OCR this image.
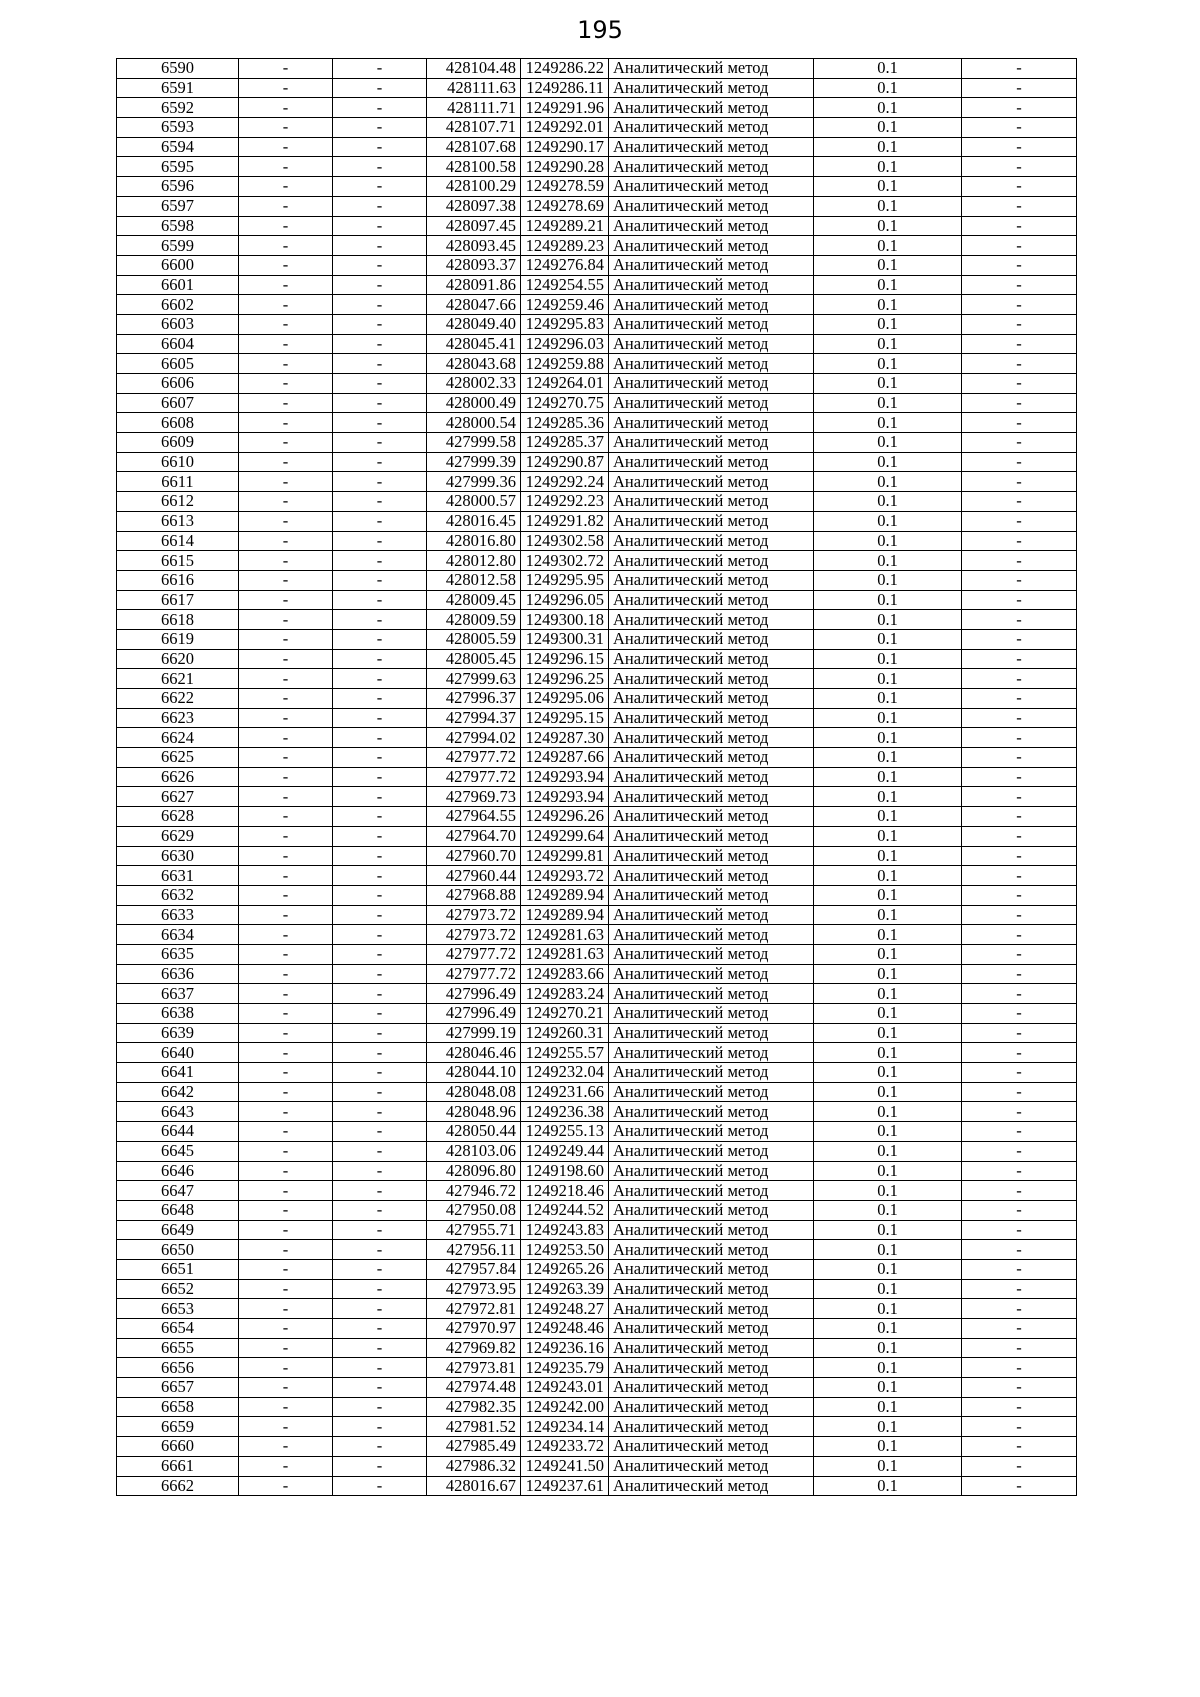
195
6590	-	-	428104.48	1249286.22	Аналитический метод	0.1	-
6591	-	-	428111.63	1249286.11	Аналитический метод	0.1	-
6592	-	-	428111.71	1249291.96	Аналитический метод	0.1	-
6593	-	-	428107.71	1249292.01	Аналитический метод	0.1	-
6594	-	-	428107.68	1249290.17	Аналитический метод	0.1	-
6595	-	-	428100.58	1249290.28	Аналитический метод	0.1	-
6596	-	-	428100.29	1249278.59	Аналитический метод	0.1	-
6597	-	-	428097.38	1249278.69	Аналитический метод	0.1	-
6598	-	-	428097.45	1249289.21	Аналитический метод	0.1	-
6599	-	-	428093.45	1249289.23	Аналитический метод	0.1	-
6600	-	-	428093.37	1249276.84	Аналитический метод	0.1	-
6601	-	-	428091.86	1249254.55	Аналитический метод	0.1	-
6602	-	-	428047.66	1249259.46	Аналитический метод	0.1	-
6603	-	-	428049.40	1249295.83	Аналитический метод	0.1	-
6604	-	-	428045.41	1249296.03	Аналитический метод	0.1	-
6605	-	-	428043.68	1249259.88	Аналитический метод	0.1	-
6606	-	-	428002.33	1249264.01	Аналитический метод	0.1	-
6607	-	-	428000.49	1249270.75	Аналитический метод	0.1	-
6608	-	-	428000.54	1249285.36	Аналитический метод	0.1	-
6609	-	-	427999.58	1249285.37	Аналитический метод	0.1	-
6610	-	-	427999.39	1249290.87	Аналитический метод	0.1	-
6611	-	-	427999.36	1249292.24	Аналитический метод	0.1	-
6612	-	-	428000.57	1249292.23	Аналитический метод	0.1	-
6613	-	-	428016.45	1249291.82	Аналитический метод	0.1	-
6614	-	-	428016.80	1249302.58	Аналитический метод	0.1	-
6615	-	-	428012.80	1249302.72	Аналитический метод	0.1	-
6616	-	-	428012.58	1249295.95	Аналитический метод	0.1	-
6617	-	-	428009.45	1249296.05	Аналитический метод	0.1	-
6618	-	-	428009.59	1249300.18	Аналитический метод	0.1	-
6619	-	-	428005.59	1249300.31	Аналитический метод	0.1	-
6620	-	-	428005.45	1249296.15	Аналитический метод	0.1	-
6621	-	-	427999.63	1249296.25	Аналитический метод	0.1	-
6622	-	-	427996.37	1249295.06	Аналитический метод	0.1	-
6623	-	-	427994.37	1249295.15	Аналитический метод	0.1	-
6624	-	-	427994.02	1249287.30	Аналитический метод	0.1	-
6625	-	-	427977.72	1249287.66	Аналитический метод	0.1	-
6626	-	-	427977.72	1249293.94	Аналитический метод	0.1	-
6627	-	-	427969.73	1249293.94	Аналитический метод	0.1	-
6628	-	-	427964.55	1249296.26	Аналитический метод	0.1	-
6629	-	-	427964.70	1249299.64	Аналитический метод	0.1	-
6630	-	-	427960.70	1249299.81	Аналитический метод	0.1	-
6631	-	-	427960.44	1249293.72	Аналитический метод	0.1	-
6632	-	-	427968.88	1249289.94	Аналитический метод	0.1	-
6633	-	-	427973.72	1249289.94	Аналитический метод	0.1	-
6634	-	-	427973.72	1249281.63	Аналитический метод	0.1	-
6635	-	-	427977.72	1249281.63	Аналитический метод	0.1	-
6636	-	-	427977.72	1249283.66	Аналитический метод	0.1	-
6637	-	-	427996.49	1249283.24	Аналитический метод	0.1	-
6638	-	-	427996.49	1249270.21	Аналитический метод	0.1	-
6639	-	-	427999.19	1249260.31	Аналитический метод	0.1	-
6640	-	-	428046.46	1249255.57	Аналитический метод	0.1	-
6641	-	-	428044.10	1249232.04	Аналитический метод	0.1	-
6642	-	-	428048.08	1249231.66	Аналитический метод	0.1	-
6643	-	-	428048.96	1249236.38	Аналитический метод	0.1	-
6644	-	-	428050.44	1249255.13	Аналитический метод	0.1	-
6645	-	-	428103.06	1249249.44	Аналитический метод	0.1	-
6646	-	-	428096.80	1249198.60	Аналитический метод	0.1	-
6647	-	-	427946.72	1249218.46	Аналитический метод	0.1	-
6648	-	-	427950.08	1249244.52	Аналитический метод	0.1	-
6649	-	-	427955.71	1249243.83	Аналитический метод	0.1	-
6650	-	-	427956.11	1249253.50	Аналитический метод	0.1	-
6651	-	-	427957.84	1249265.26	Аналитический метод	0.1	-
6652	-	-	427973.95	1249263.39	Аналитический метод	0.1	-
6653	-	-	427972.81	1249248.27	Аналитический метод	0.1	-
6654	-	-	427970.97	1249248.46	Аналитический метод	0.1	-
6655	-	-	427969.82	1249236.16	Аналитический метод	0.1	-
6656	-	-	427973.81	1249235.79	Аналитический метод	0.1	-
6657	-	-	427974.48	1249243.01	Аналитический метод	0.1	-
6658	-	-	427982.35	1249242.00	Аналитический метод	0.1	-
6659	-	-	427981.52	1249234.14	Аналитический метод	0.1	-
6660	-	-	427985.49	1249233.72	Аналитический метод	0.1	-
6661	-	-	427986.32	1249241.50	Аналитический метод	0.1	-
6662	-	-	428016.67	1249237.61	Аналитический метод	0.1	-
